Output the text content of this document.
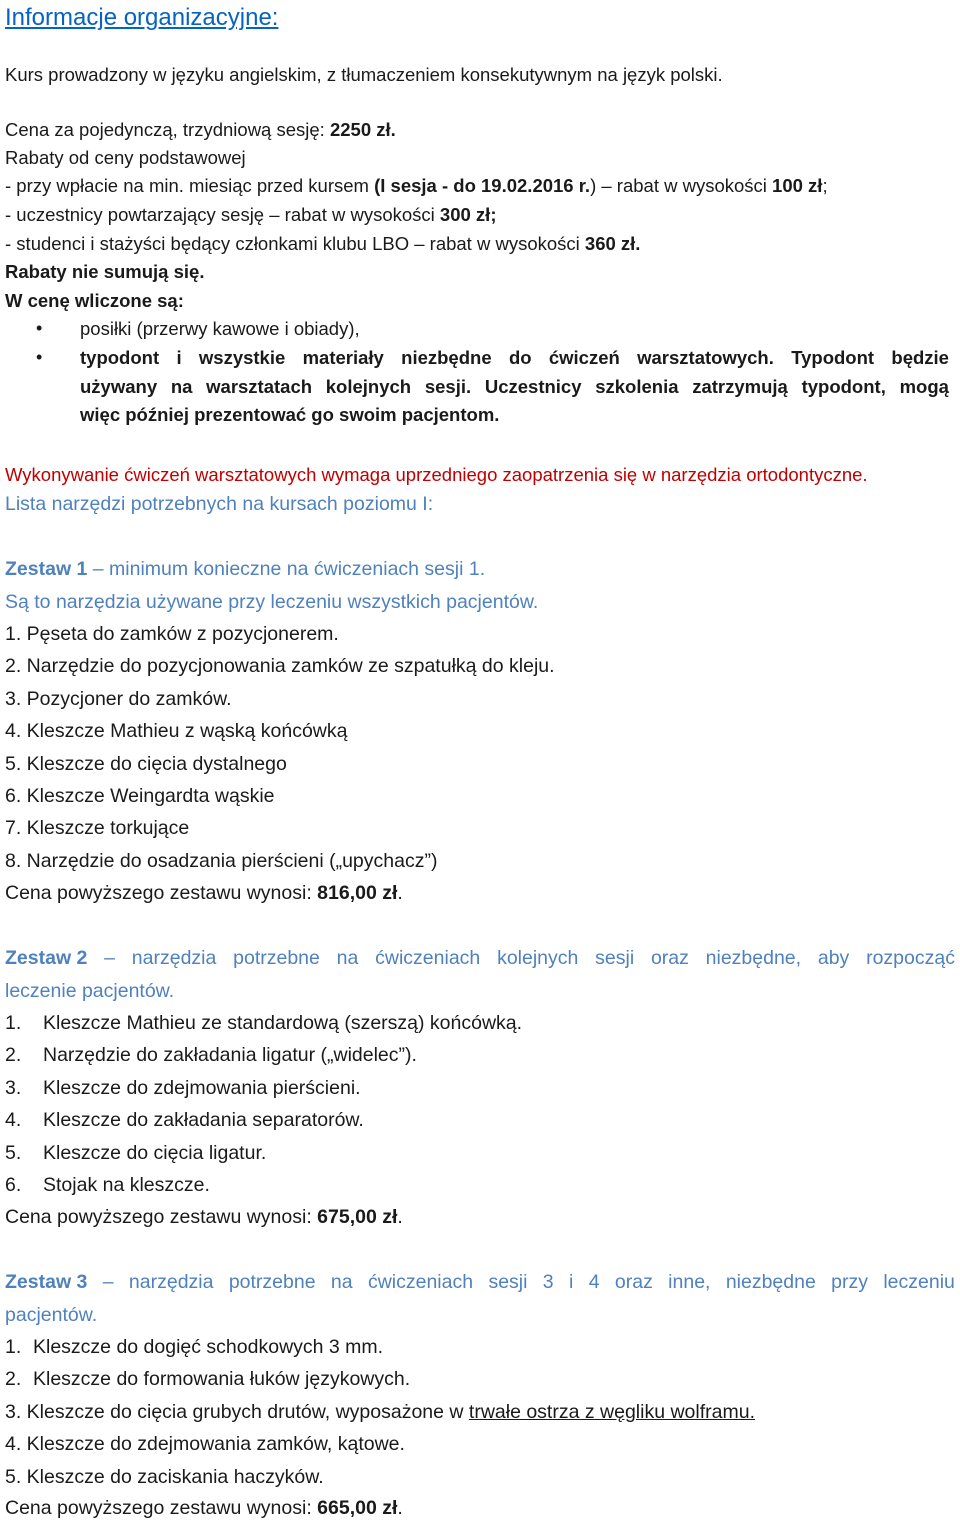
Informacje organizacyjne:
Kurs prowadzony w języku angielskim, z tłumaczeniem konsekutywnym na język polski.
Cena za pojedynczą, trzydniową sesję: 2250 zł.
Rabaty od ceny podstawowej
- przy wpłacie na min. miesiąc przed kursem (I sesja - do 19.02.2016 r.) – rabat w wysokości 100 zł;
- uczestnicy powtarzający sesję – rabat w wysokości 300 zł;
- studenci i stażyści będący członkami klubu LBO – rabat w wysokości 360 zł.
Rabaty nie sumują się.
W cenę wliczone są:
• posiłki (przerwy kawowe i obiady),
• typodont i wszystkie materiały niezbędne do ćwiczeń warsztatowych. Typodont będzie
używany na warsztatach kolejnych sesji. Uczestnicy szkolenia zatrzymują typodont, mogą
więc później prezentować go swoim pacjentom.
Wykonywanie ćwiczeń warsztatowych wymaga uprzedniego zaopatrzenia się w narzędzia ortodontyczne.
Lista narzędzi potrzebnych na kursach poziomu I:
Zestaw 1 – minimum konieczne na ćwiczeniach sesji 1.
Są to narzędzia używane przy leczeniu wszystkich pacjentów.
1. Pęseta do zamków z pozycjonerem.
2. Narzędzie do pozycjonowania zamków ze szpatułką do kleju.
3. Pozycjoner do zamków.
4. Kleszcze Mathieu z wąską końcówką
5. Kleszcze do cięcia dystalnego
6. Kleszcze Weingardta wąskie
7. Kleszcze torkujące
8. Narzędzie do osadzania pierścieni („upychacz”)
Cena powyższego zestawu wynosi: 816,00 zł.
Zestaw 2 – narzędzia potrzebne na ćwiczeniach kolejnych sesji oraz niezbędne, aby rozpocząć
leczenie pacjentów.
1. Kleszcze Mathieu ze standardową (szerszą) końcówką.
2. Narzędzie do zakładania ligatur („widelec”).
3. Kleszcze do zdejmowania pierścieni.
4. Kleszcze do zakładania separatorów.
5. Kleszcze do cięcia ligatur.
6. Stojak na kleszcze.
Cena powyższego zestawu wynosi: 675,00 zł.
Zestaw 3 – narzędzia potrzebne na ćwiczeniach sesji 3 i 4 oraz inne, niezbędne przy leczeniu
pacjentów.
1. Kleszcze do dogięć schodkowych 3 mm.
2. Kleszcze do formowania łuków językowych.
3. Kleszcze do cięcia grubych drutów, wyposażone w trwałe ostrza z węgliku wolframu.
4. Kleszcze do zdejmowania zamków, kątowe.
5. Kleszcze do zaciskania haczyków.
Cena powyższego zestawu wynosi: 665,00 zł.
